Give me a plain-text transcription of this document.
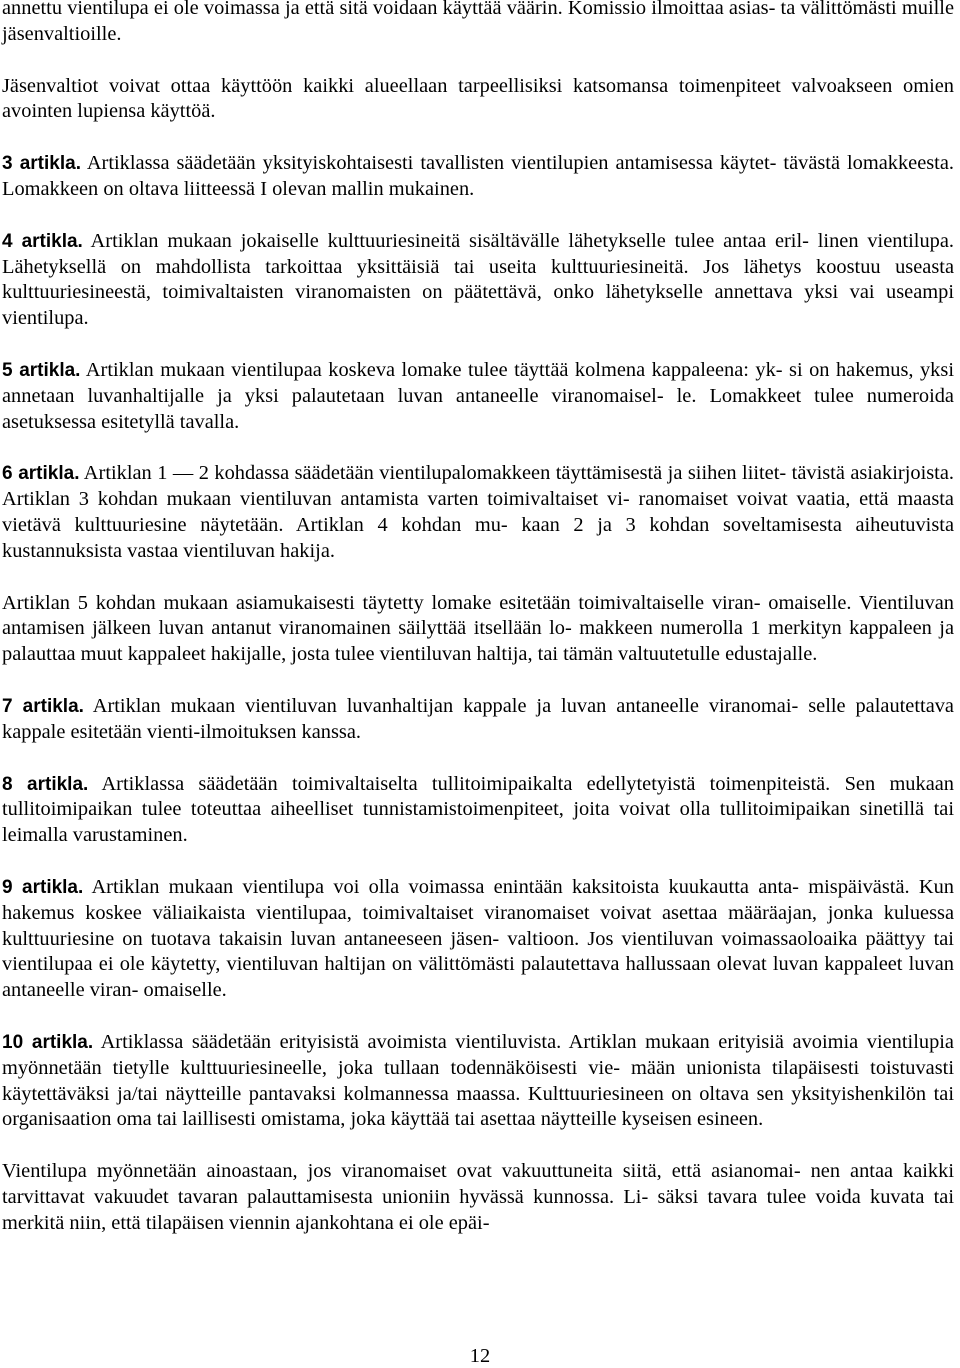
annettu vientilupa ei ole voimassa ja että sitä voidaan käyttää väärin. Komissio ilmoittaa asias- ta välittömästi muille jäsenvaltioille.

Jäsenvaltiot voivat ottaa käyttöön kaikki alueellaan tarpeellisiksi katsomansa toimenpiteet valvoakseen omien avointen lupiensa käyttöä.

3 artikla. Artiklassa säädetään yksityiskohtaisesti tavallisten vientilupien antamisessa käytet- tävästä lomakkeesta. Lomakkeen on oltava liitteessä I olevan mallin mukainen.

4 artikla. Artiklan mukaan jokaiselle kulttuuriesineitä sisältävälle lähetykselle tulee antaa eril- linen vientilupa. Lähetyksellä on mahdollista tarkoittaa yksittäisiä tai useita kulttuuriesineitä. Jos lähetys koostuu useasta kulttuuriesineestä, toimivaltaisten viranomaisten on päätettävä, onko lähetykselle annettava yksi vai useampi vientilupa.

5 artikla. Artiklan mukaan vientilupaa koskeva lomake tulee täyttää kolmena kappaleena: yk- si on hakemus, yksi annetaan luvanhaltijalle ja yksi palautetaan luvan antaneelle viranomaisel- le. Lomakkeet tulee numeroida asetuksessa esitetyllä tavalla.

6 artikla. Artiklan 1 — 2 kohdassa säädetään vientilupalomakkeen täyttämisestä ja siihen liitet- tävistä asiakirjoista. Artiklan 3 kohdan mukaan vientiluvan antamista varten toimivaltaiset vi- ranomaiset voivat vaatia, että maasta vietävä kulttuuriesine näytetään. Artiklan 4 kohdan mu- kaan 2 ja 3 kohdan soveltamisesta aiheutuvista kustannuksista vastaa vientiluvan hakija.

Artiklan 5 kohdan mukaan asiamukaisesti täytetty lomake esitetään toimivaltaiselle viran- omaiselle. Vientiluvan antamisen jälkeen luvan antanut viranomainen säilyttää itsellään lo- makkeen numerolla 1 merkityn kappaleen ja palauttaa muut kappaleet hakijalle, josta tulee vientiluvan haltija, tai tämän valtuutetulle edustajalle.

7 artikla. Artiklan mukaan vientiluvan luvanhaltijan kappale ja luvan antaneelle viranomai- selle palautettava kappale esitetään vienti-ilmoituksen kanssa.

8 artikla. Artiklassa säädetään toimivaltaiselta tullitoimipaikalta edellytetyistä toimenpiteistä. Sen mukaan tullitoimipaikan tulee toteuttaa aiheelliset tunnistamistoimenpiteet, joita voivat olla tullitoimipaikan sinetillä tai leimalla varustaminen.

9 artikla. Artiklan mukaan vientilupa voi olla voimassa enintään kaksitoista kuukautta anta- mispäivästä. Kun hakemus koskee väliaikaista vientilupaa, toimivaltaiset viranomaiset voivat asettaa määräajan, jonka kuluessa kulttuuriesine on tuotava takaisin luvan antaneeseen jäsen- valtioon. Jos vientiluvan voimassaoloaika päättyy tai vientilupaa ei ole käytetty, vientiluvan haltijan on välittömästi palautettava hallussaan olevat luvan kappaleet luvan antaneelle viran- omaiselle.

10 artikla. Artiklassa säädetään erityisistä avoimista vientiluvista. Artiklan mukaan erityisiä avoimia vientilupia myönnetään tietylle kulttuuriesineelle, joka tullaan todennäköisesti vie- mään unionista tilapäisesti toistuvasti käytettäväksi ja/tai näytteille pantavaksi kolmannessa maassa. Kulttuuriesineen on oltava sen yksityishenkilön tai organisaation oma tai laillisesti omistama, joka käyttää tai asettaa näytteille kyseisen esineen.

Vientilupa myönnetään ainoastaan, jos viranomaiset ovat vakuuttuneita siitä, että asianomai- nen antaa kaikki tarvittavat vakuudet tavaran palauttamisesta unioniin hyvässä kunnossa. Li- säksi tavara tulee voida kuvata tai merkitä niin, että tilapäisen viennin ajankohtana ei ole epäi-

12
